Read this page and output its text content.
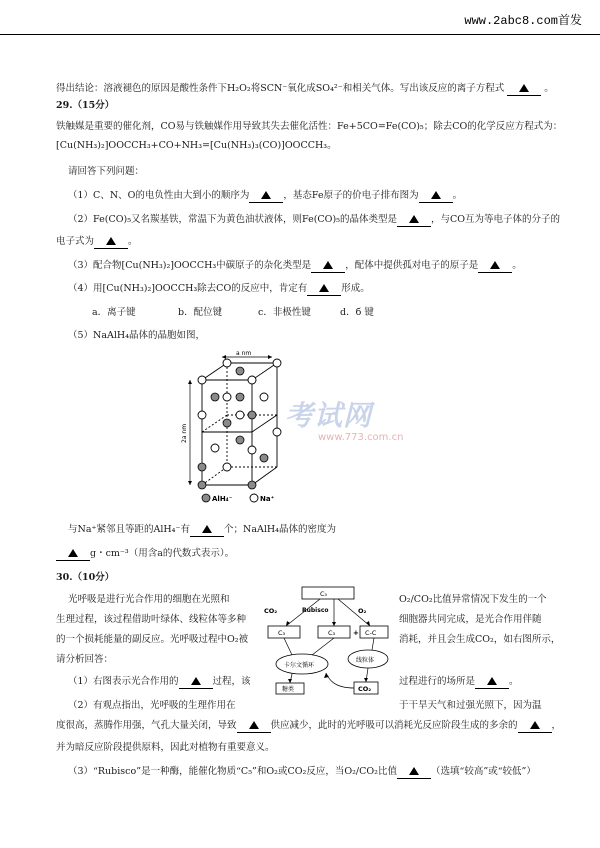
www.2abc8.com首发
得出结论：溶液褪色的原因是酸性条件下H₂O₂将SCN⁻氧化成SO₄²⁻和相关气体。写出该反应的离子方程式	。
29.（15分）
铁触媒是重要的催化剂，CO易与铁触媒作用导致其失去催化活性：Fe+5CO=Fe(CO)₅；除去CO的化学反应方程式为：
[Cu(NH₃)₂]OOCCH₃+CO+NH₃=[Cu(NH₃)₃(CO)]OOCCH₃。
请回答下列问题：
（1）C、N、O的电负性由大到小的顺序为	，基态Fe原子的价电子排布图为	。
（2）Fe(CO)₅又名羰基铁，常温下为黄色油状液体，则Fe(CO)₅的晶体类型是	，与CO互为等电子体的分子的
电子式为	。
（3）配合物[Cu(NH₃)₂]OOCCH₃中碳原子的杂化类型是	，配体中提供孤对电子的原子是	。
（4）用[Cu(NH₃)₂]OOCCH₃除去CO的反应中，肯定有	形成。
a．离子键	b．配位键	c．非极性键	d．б 键
（5）NaAlH₄晶体的晶胞如图，
a nm
2a nm
AlH₄⁻	Na⁺
考试网
www.773.com.cn
与Na⁺紧邻且等距的AlH₄⁻有	个；NaAlH₄晶体的密度为
g・cm⁻³（用含a的代数式表示）。
30.（10分）
光呼吸是进行光合作用的细胞在光照和	O₂/CO₂比值异常情况下发生的一个
生理过程，该过程借助叶绿体、线粒体等多种	细胞器共同完成，是光合作用伴随
的一个损耗能量的副反应。光呼吸过程中O₂被	消耗，并且会生成CO₂，如右图所示，
请分析回答：
（1）右图表示光合作用的	过程，该	过程进行的场所是	。
C₅
CO₂	Rubisco	O₂
C₃	C₃	+ C-C
卡尔文循环
线粒体
糖类	CO₂
（2）有观点指出，光呼吸的生理作用在	于干旱天气和过强光照下，因为温
度很高，蒸腾作用强，气孔大量关闭，导致	供应减少，此时的光呼吸可以消耗光反应阶段生成的多余的	，
并为暗反应阶段提供原料，因此对植物有重要意义。
（3）“Rubisco”是一种酶，能催化物质“C₅”和O₂或CO₂反应，当O₂/CO₂比值	（选填“较高”或“较低”）
